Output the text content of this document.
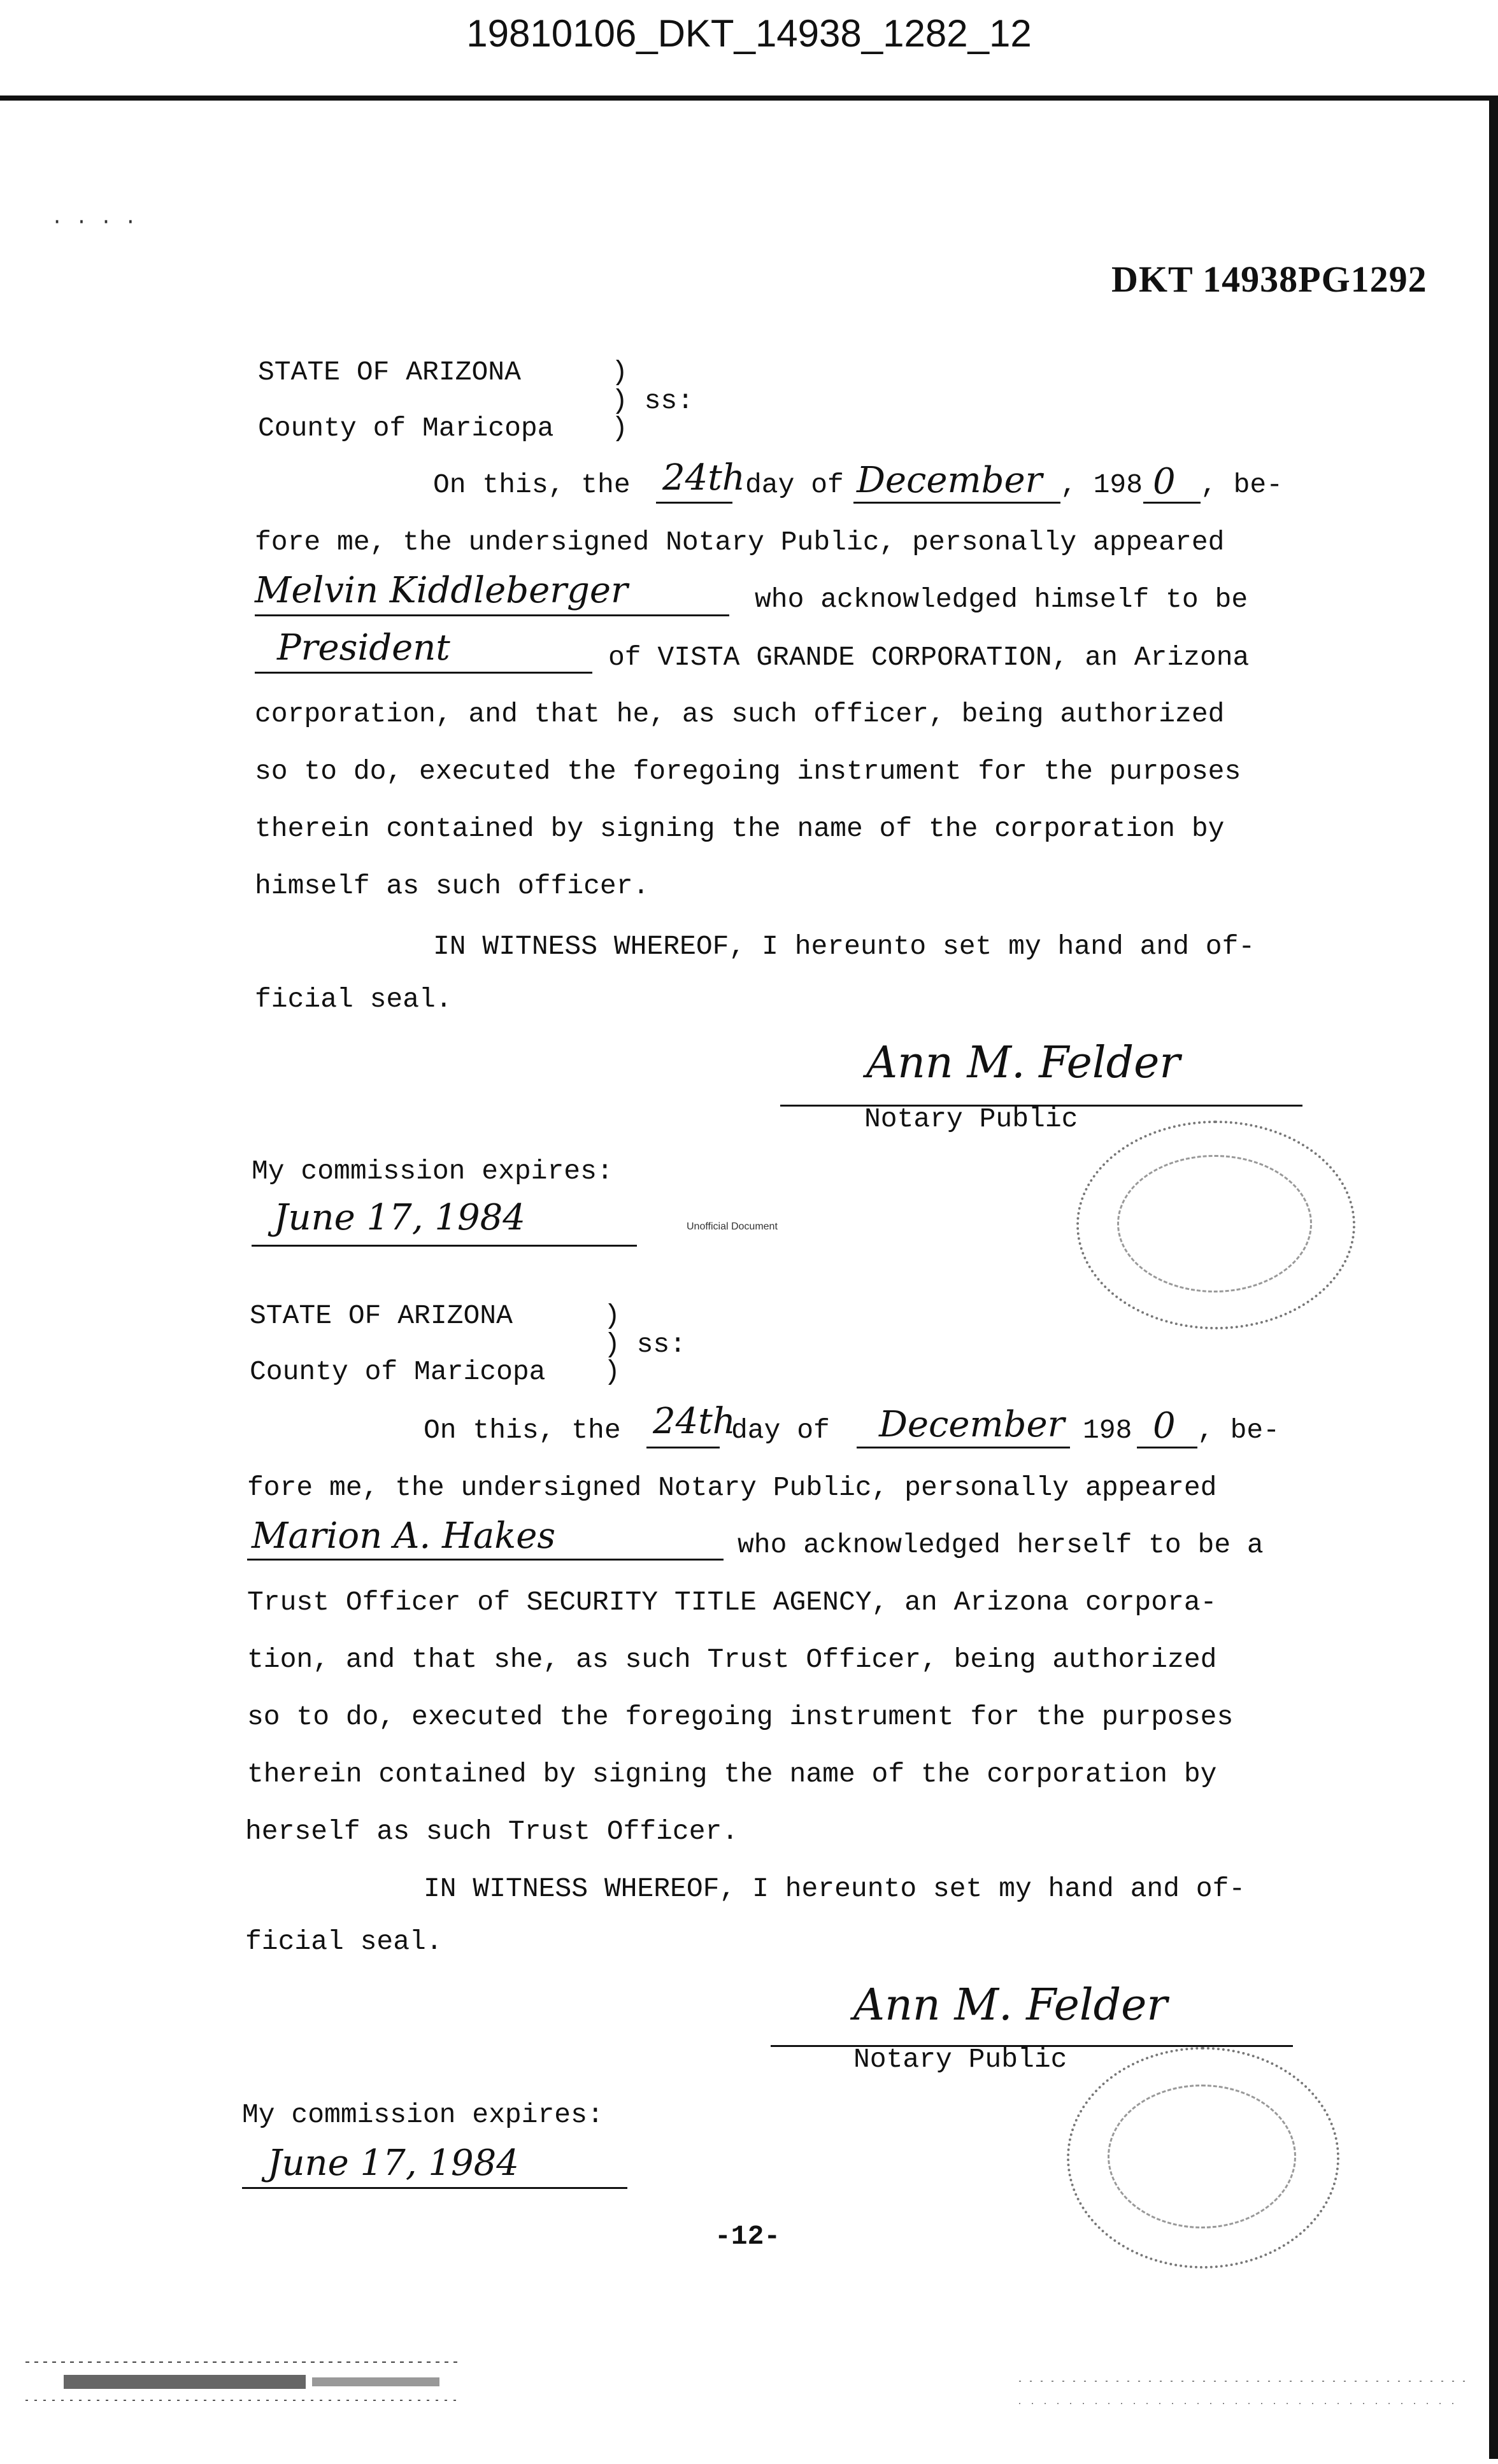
19810106_DKT_14938_1282_12
· · · ·
DKT 14938PG1292
STATE OF ARIZONA	)
) ss:
County of Maricopa )
On this, the 24th day of December , 198 0 , be-
fore me, the undersigned Notary Public, personally appeared
Melvin Kiddleberger	who acknowledged himself to be
President	of VISTA GRANDE CORPORATION, an Arizona
corporation, and that he, as such officer, being authorized
so to do, executed the foregoing instrument for the purposes
therein contained by signing the name of the corporation by
himself as such officer.
IN WITNESS WHEREOF, I hereunto set my hand and of-
ficial seal.
Ann M. Felder
Notary Public
My commission expires:
June 17, 1984	Unofficial Document
STATE OF ARIZONA	)
) ss:
County of Maricopa )
On this, the 24th
day of December 198 0 , be-
fore me, the undersigned Notary Public, personally appeared
Marion A. Hakes	who acknowledged herself to be a
Trust Officer of SECURITY TITLE AGENCY, an Arizona corpora-
tion, and that she, as such Trust Officer, being authorized
so to do, executed the foregoing instrument for the purposes
therein contained by signing the name of the corporation by
herself as such Trust Officer.
IN WITNESS WHEREOF, I hereunto set my hand and of-
ficial seal.
Ann M. Felder
Notary Public
My commission expires:
June 17, 1984
-12-
